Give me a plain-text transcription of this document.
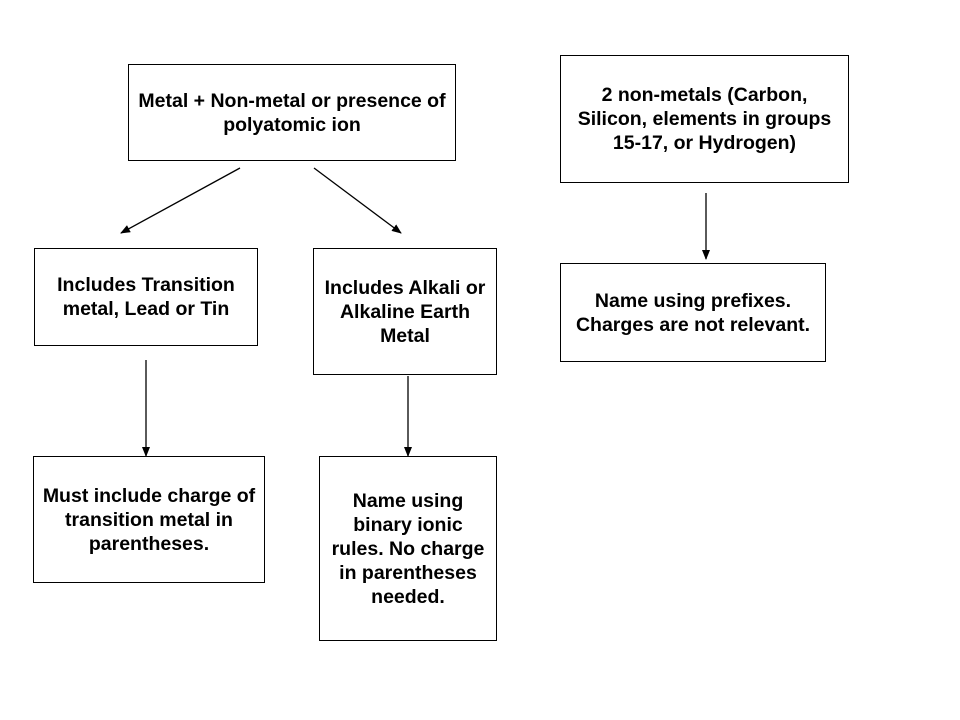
Metal + Non-metal or presence of polyatomic ion
2 non-metals (Carbon, Silicon, elements in groups 15-17, or Hydrogen)
Includes Transition metal, Lead or Tin
Includes Alkali or Alkaline Earth Metal
Name using prefixes. Charges are not relevant.
Must include charge of transition metal in parentheses.
Name using binary ionic rules. No charge in parentheses needed.
